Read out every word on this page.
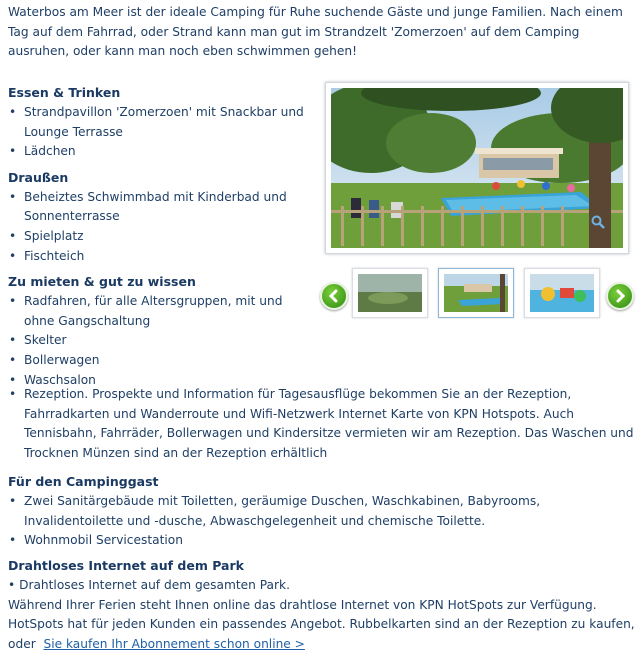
Waterbos am Meer ist der ideale Camping für Ruhe suchende Gäste und junge Familien. Nach einem Tag auf dem Fahrrad, oder Strand kann man gut im Strandzelt 'Zomerzoen' auf dem Camping ausruhen, oder kann man noch eben schwimmen gehen!

Essen & Trinken
• Strandpavillon 'Zomerzoen' mit Snackbar und Lounge Terrasse
• Lädchen
Draußen
• Beheiztes Schwimmbad mit Kinderbad und Sonnenterrasse
• Spielplatz
• Fischteich
Zu mieten & gut zu wissen
• Radfahren, für alle Altersgruppen, mit und ohne Gangschaltung
• Skelter
• Bollerwagen
• Waschsalon
• Rezeption. Prospekte und Information für Tagesausflüge bekommen Sie an der Rezeption, Fahrradkarten und Wanderroute und Wifi-Netzwerk Internet Karte von KPN Hotspots. Auch Tennisbahn, Fahrräder, Bollerwagen und Kindersitze vermieten wir am Rezeption. Das Waschen und Trocknen Münzen sind an der Rezeption erhältlich
Für den Campinggast
• Zwei Sanitärgebäude mit Toiletten, geräumige Duschen, Waschkabinen, Babyrooms, Invalidentoilette und -dusche, Abwaschgelegenheit und chemische Toilette.
• Wohnmobil Servicestation
Drahtloses Internet auf dem Park

• Drahtloses Internet auf dem gesamten Park.

Während Ihrer Ferien steht Ihnen online das drahtlose Internet von KPN HotSpots zur Verfügung. HotSpots hat für jeden Kunden ein passendes Angebot. Rubbelkarten sind an der Rezeption zu kaufen, oder Sie kaufen Ihr Abonnement schon online >
